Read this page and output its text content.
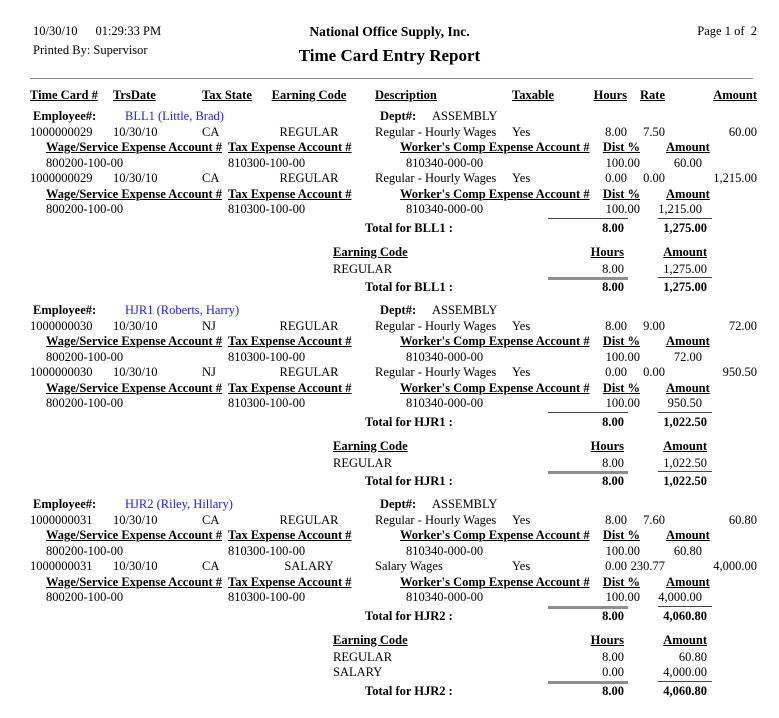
10/30/10 01:29:33 PM
Printed By: Supervisor
National Office Supply, Inc.
Time Card Entry Report
Page 1 of  2
Time Card # TrsDate	Tax State	Earning Code	Description	Taxable	Hours Rate	Amount
Employee#: BLL1 (Little, Brad)	Dept#: ASSEMBLY
1000000029 10/30/10	CA	REGULAR	Regular - Hourly Wages Yes	8.00 7.50	60.00
Wage/Service Expense Account # Tax Expense Account #	Worker's Comp Expense Account # Dist % Amount
800200-100-00	810300-100-00	810340-000-00	100.00	60.00
1000000029 10/30/10	CA	REGULAR	Regular - Hourly Wages Yes	0.00 0.00	1,215.00
Wage/Service Expense Account # Tax Expense Account #	Worker's Comp Expense Account # Dist % Amount
800200-100-00	810300-100-00	810340-000-00	100.00 1,215.00
Total for BLL1 :	8.00	1,275.00
Earning Code	Hours	Amount
REGULAR	8.00	1,275.00
Total for BLL1 :	8.00	1,275.00
Employee#: HJR1 (Roberts, Harry)	Dept#: ASSEMBLY
1000000030 10/30/10	NJ	REGULAR	Regular - Hourly Wages Yes	8.00 9.00	72.00
Wage/Service Expense Account # Tax Expense Account #	Worker's Comp Expense Account # Dist % Amount
800200-100-00	810300-100-00	810340-000-00	100.00	72.00
1000000030 10/30/10	NJ	REGULAR	Regular - Hourly Wages Yes	0.00 0.00	950.50
Wage/Service Expense Account # Tax Expense Account #	Worker's Comp Expense Account # Dist % Amount
800200-100-00	810300-100-00	810340-000-00	100.00 950.50
Total for HJR1 :	8.00	1,022.50
Earning Code	Hours	Amount
REGULAR	8.00	1,022.50
Total for HJR1 :	8.00	1,022.50
Employee#: HJR2 (Riley, Hillary)	Dept#: ASSEMBLY
1000000031 10/30/10	CA	REGULAR	Regular - Hourly Wages Yes	8.00 7.60	60.80
Wage/Service Expense Account # Tax Expense Account #	Worker's Comp Expense Account # Dist % Amount
800200-100-00	810300-100-00	810340-000-00	100.00	60.80
1000000031 10/30/10	CA	SALARY	Salary Wages	Yes	0.00 230.77	4,000.00
Wage/Service Expense Account # Tax Expense Account #	Worker's Comp Expense Account # Dist % Amount
800200-100-00	810300-100-00	810340-000-00	100.00 4,000.00
Total for HJR2 :	8.00	4,060.80
Earning Code	Hours	Amount
REGULAR	8.00	60.80
SALARY	0.00	4,000.00
Total for HJR2 :	8.00	4,060.80
